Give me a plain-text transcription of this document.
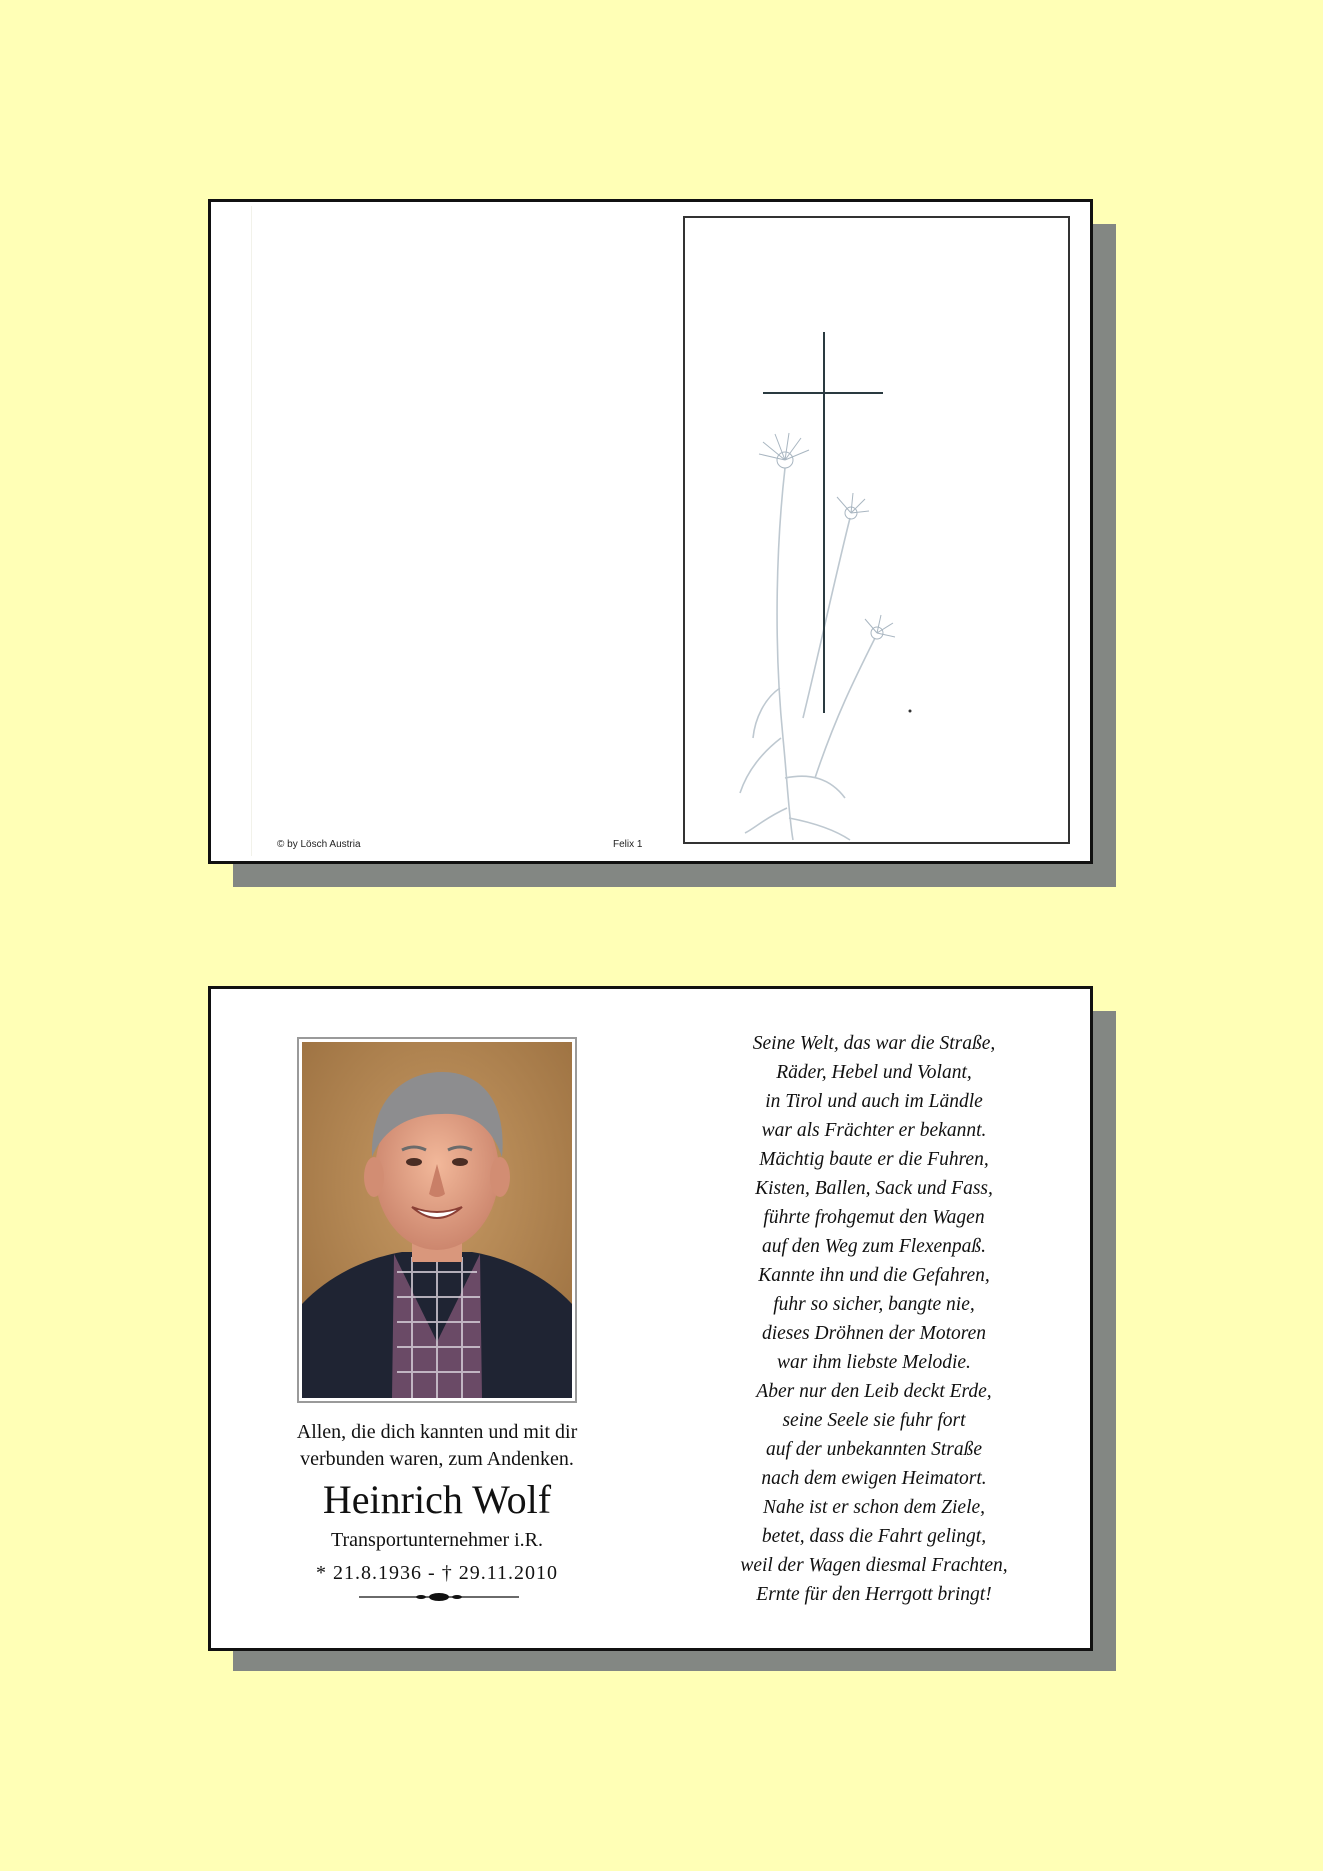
© by Lösch Austria	Felix 1
Allen, die dich kannten und mit dir
verbunden waren, zum Andenken.
Heinrich Wolf
Transportunternehmer i.R.
* 21.8.1936 - † 29.11.2010
Seine Welt, das war die Straße,
Räder, Hebel und Volant,
in Tirol und auch im Ländle
war als Frächter er bekannt.
Mächtig baute er die Fuhren,
Kisten, Ballen, Sack und Fass,
führte frohgemut den Wagen
auf den Weg zum Flexenpaß.
Kannte ihn und die Gefahren,
fuhr so sicher, bangte nie,
dieses Dröhnen der Motoren
war ihm liebste Melodie.
Aber nur den Leib deckt Erde,
seine Seele sie fuhr fort
auf der unbekannten Straße
nach dem ewigen Heimatort.
Nahe ist er schon dem Ziele,
betet, dass die Fahrt gelingt,
weil der Wagen diesmal Frachten,
Ernte für den Herrgott bringt!
